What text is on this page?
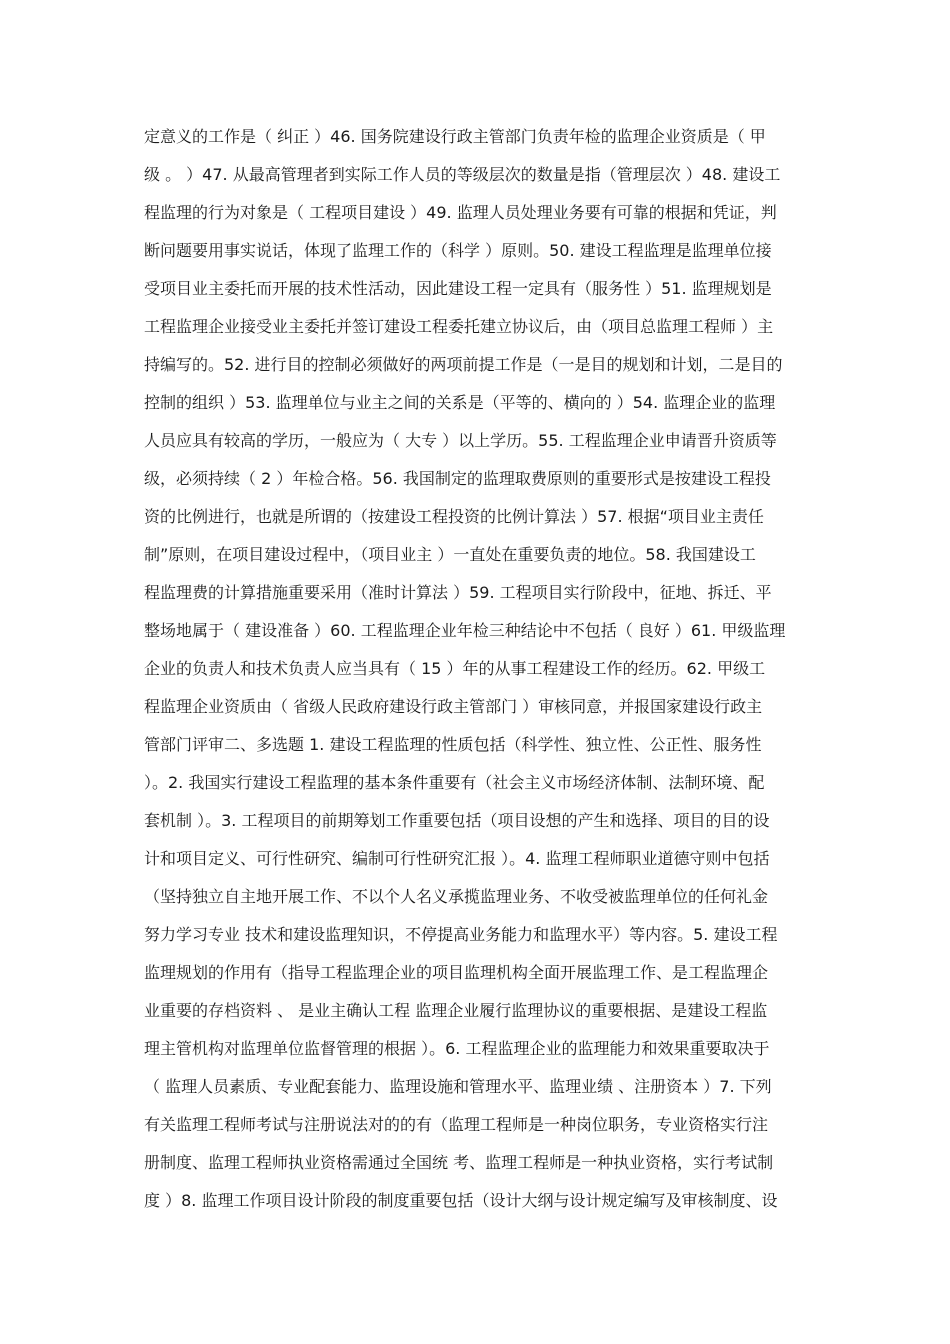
定意义的工作是（ 纠正 ）46. 国务院建设行政主管部门负责年检的监理企业资质是（ 甲
级 。 ）47. 从最高管理者到实际工作人员的等级层次的数量是指（管理层次 ）48. 建设工
程监理的行为对象是（ 工程项目建设 ）49. 监理人员处理业务要有可靠的根据和凭证，判
断问题要用事实说话，体现了监理工作的（科学 ）原则。50. 建设工程监理是监理单位接
受项目业主委托而开展的技术性活动，因此建设工程一定具有（服务性 ）51. 监理规划是
工程监理企业接受业主委托并签订建设工程委托建立协议后，由（项目总监理工程师 ）主
持编写的。52. 进行目的控制必须做好的两项前提工作是（一是目的规划和计划，二是目的
控制的组织 ）53. 监理单位与业主之间的关系是（平等的、横向的 ）54. 监理企业的监理
人员应具有较高的学历，一般应为（ 大专 ）以上学历。55. 工程监理企业申请晋升资质等
级，必须持续（ 2 ）年检合格。56. 我国制定的监理取费原则的重要形式是按建设工程投
资的比例进行，也就是所谓的（按建设工程投资的比例计算法 ）57. 根据“项目业主责任
制”原则，在项目建设过程中，（项目业主 ）一直处在重要负责的地位。58. 我国建设工
程监理费的计算措施重要采用（准时计算法 ）59. 工程项目实行阶段中，征地、拆迁、平
整场地属于（ 建设准备 ）60. 工程监理企业年检三种结论中不包括（ 良好 ）61. 甲级监理
企业的负责人和技术负责人应当具有（ 15 ）年的从事工程建设工作的经历。62. 甲级工
程监理企业资质由（ 省级人民政府建设行政主管部门 ）审核同意，并报国家建设行政主
管部门评审二、多选题 1. 建设工程监理的性质包括（科学性、独立性、公正性、服务性
）。2. 我国实行建设工程监理的基本条件重要有（社会主义市场经济体制、法制环境、配
套机制 ）。3. 工程项目的前期筹划工作重要包括（项目设想的产生和选择、项目的目的设
计和项目定义、可行性研究、编制可行性研究汇报 ）。4. 监理工程师职业道德守则中包括
（坚持独立自主地开展工作、不以个人名义承揽监理业务、不收受被监理单位的任何礼金
努力学习专业 技术和建设监理知识，不停提高业务能力和监理水平）等内容。5. 建设工程
监理规划的作用有（指导工程监理企业的项目监理机构全面开展监理工作、是工程监理企
业重要的存档资料 、 是业主确认工程 监理企业履行监理协议的重要根据、是建设工程监
理主管机构对监理单位监督管理的根据 ）。6. 工程监理企业的监理能力和效果重要取决于
（ 监理人员素质、专业配套能力、监理设施和管理水平、监理业绩 、注册资本 ）7. 下列
有关监理工程师考试与注册说法对的的有（监理工程师是一种岗位职务，专业资格实行注
册制度、监理工程师执业资格需通过全国统 考、监理工程师是一种执业资格，实行考试制
度 ）8. 监理工作项目设计阶段的制度重要包括（设计大纲与设计规定编写及审核制度、设
